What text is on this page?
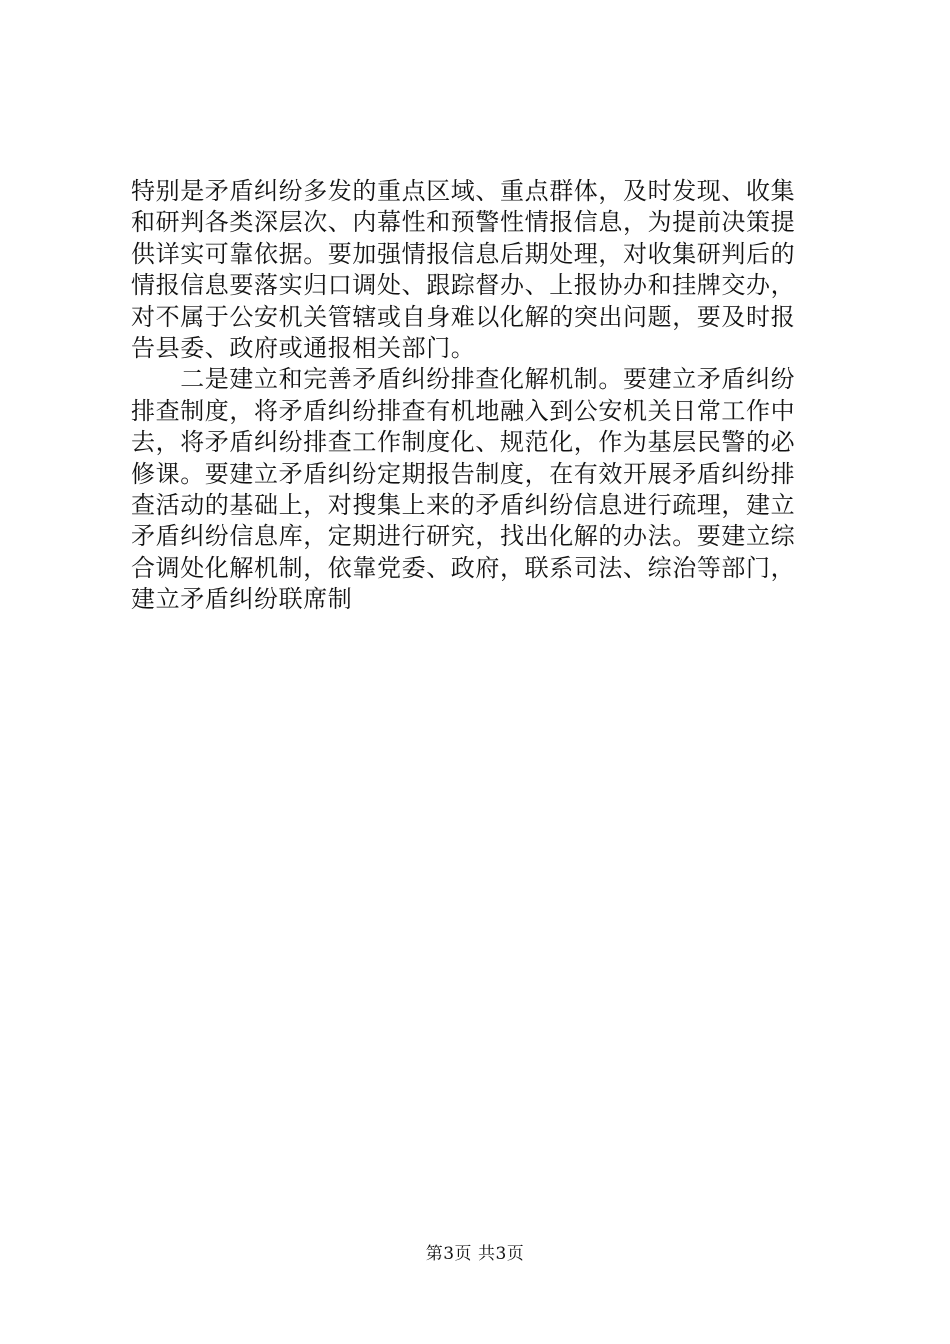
特别是矛盾纠纷多发的重点区域、重点群体，及时发现、收集
和研判各类深层次、内幕性和预警性情报信息，为提前决策提
供详实可靠依据。要加强情报信息后期处理，对收集研判后的
情报信息要落实归口调处、跟踪督办、上报协办和挂牌交办，
对不属于公安机关管辖或自身难以化解的突出问题，要及时报
告县委、政府或通报相关部门。
　　二是建立和完善矛盾纠纷排查化解机制。要建立矛盾纠纷
排查制度，将矛盾纠纷排查有机地融入到公安机关日常工作中
去，将矛盾纠纷排查工作制度化、规范化，作为基层民警的必
修课。要建立矛盾纠纷定期报告制度，在有效开展矛盾纠纷排
查活动的基础上，对搜集上来的矛盾纠纷信息进行疏理，建立
矛盾纠纷信息库，定期进行研究，找出化解的办法。要建立综
合调处化解机制，依靠党委、政府，联系司法、综治等部门，
建立矛盾纠纷联席制
第3页 共3页
